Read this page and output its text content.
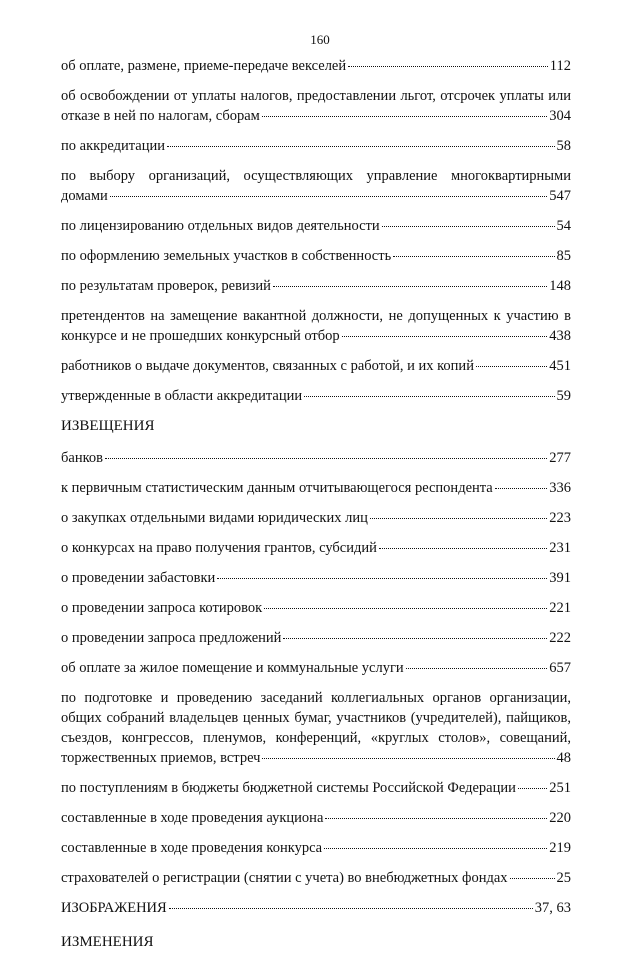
160
об оплате, размене, приеме-передаче векселей	112
об освобождении от уплаты налогов, предоставлении льгот, отсрочек уплаты или
отказе в ней по налогам, сборам	304
по аккредитации	58
по выбору организаций, осуществляющих управление многоквартирными
домами	547
по лицензированию отдельных видов деятельности	54
по оформлению земельных участков в собственность	85
по результатам проверок, ревизий	148
претендентов на замещение вакантной должности, не допущенных к участию в
конкурсе и не прошедших конкурсный отбор	438
работников о выдаче документов, связанных с работой, и их копий	451
утвержденные в области аккредитации	59
ИЗВЕЩЕНИЯ
банков	277
к первичным статистическим данным отчитывающегося респондента	336
о закупках отдельными видами юридических лиц	223
о конкурсах на право получения грантов, субсидий	231
о проведении забастовки	391
о проведении запроса котировок	221
о проведении запроса предложений	222
об оплате за жилое помещение и коммунальные услуги	657
по подготовке и проведению заседаний коллегиальных органов организации, общих собраний владельцев ценных бумаг, участников (учредителей), пайщиков, съездов, конгрессов, пленумов, конференций, «круглых столов», совещаний,
торжественных приемов, встреч	48
по поступлениям в бюджеты бюджетной системы Российской Федерации 251
составленные в ходе проведения аукциона	220
составленные в ходе проведения конкурса	219
страхователей о регистрации (снятии с учета) во внебюджетных фондах	25
ИЗОБРАЖЕНИЯ	37, 63
ИЗМЕНЕНИЯ
